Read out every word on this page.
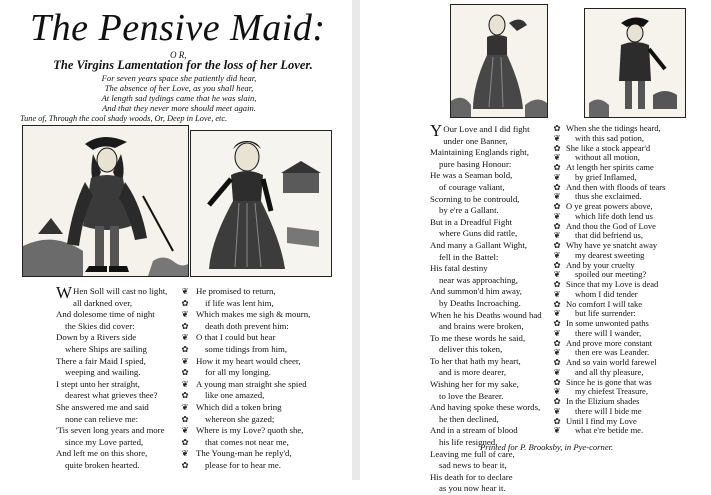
The Pensive Maid:
O R,
The Virgins Lamentation for the loss of her Lover.
For seven years space she patiently did hear,
The absence of her Love, as you shall hear,
At length sad tydings came that he was slain,
And that they never more should meet again.
Tune of, Through the cool shady woods, Or, Deep in Love, etc.
W Hen Soll will cast no light,
all darkned over,
And dolesome time of night
the Skies did cover:
Down by a Rivers side
where Ships are sailing
There a fair Maid I spied,
weeping and wailing.
I stept unto her straight,
dearest what grieves thee?
She answered me and said
none can relieve me:
'Tis seven long years and more
since my Love parted,
And left me on this shore,
quite broken hearted.
❦
✿
❦
✿
❦
✿
❦
✿
❦
✿
❦
✿
❦
✿
❦
✿
He promised to return,
if life was lent him,
Which makes me sigh & mourn,
death doth prevent him:
O that I could but hear
some tidings from him,
How it my heart would cheer,
for all my longing.
A young man straight she spied
like one amazed,
Which did a token bring
whereon she gazed;
Where is my Love? quoth she,
that comes not near me,
The Young-man he reply'd,
please for to hear me.
Y Our Love and I did fight
under one Banner,
Maintaining Englands right,
pure hasing Honour:
He was a Seaman bold,
of courage valiant,
Scorning to be contrould,
by e're a Gallant.
But in a Dreadful Fight
where Guns did rattle,
And many a Gallant Wight,
fell in the Battel:
His fatal destiny
near was approaching,
And summon'd him away,
by Deaths Incroaching.
When he his Deaths wound had
and brains were broken,
To me these words he said,
deliver this token,
To her that hath my heart,
and is more dearer,
Wishing her for my sake,
to love the Bearer.
And having spoke these words,
he then declined,
And in a stream of blood
his life resigned,
Leaving me full of care,
sad news to bear it,
His death for to declare
as you now hear it.
✿
❦
✿
❦
✿
❦
✿
❦
✿
❦
✿
❦
✿
❦
✿
❦
✿
❦
✿
❦
✿
❦
✿
❦
✿
❦
✿
❦
✿
❦
✿
❦
When she the tidings heard,
with this sad potion,
She like a stock appear'd
without all motion,
At length her spirits came
by grief Inflamed,
And then with floods of tears
thus she exclaimed.
O ye great powers above,
which life doth lend us
And thou the God of Love
that did befriend us,
Why have ye snatcht away
my dearest sweeting
And by your cruelty
spoiled our meeting?
Since that my Love is dead
whom I did tender
No comfort I will take
but life surrender:
In some unwonted paths
there will I wander,
And prove more constant
then ere was Leander.
And so vain world farewel
and all thy pleasure,
Since he is gone that was
my chiefest Treasure,
In the Elizium shades
there will I bide me
Until I find my Love
what e're betide me.
Printed for P. Brooksby, in Pye-corner.
